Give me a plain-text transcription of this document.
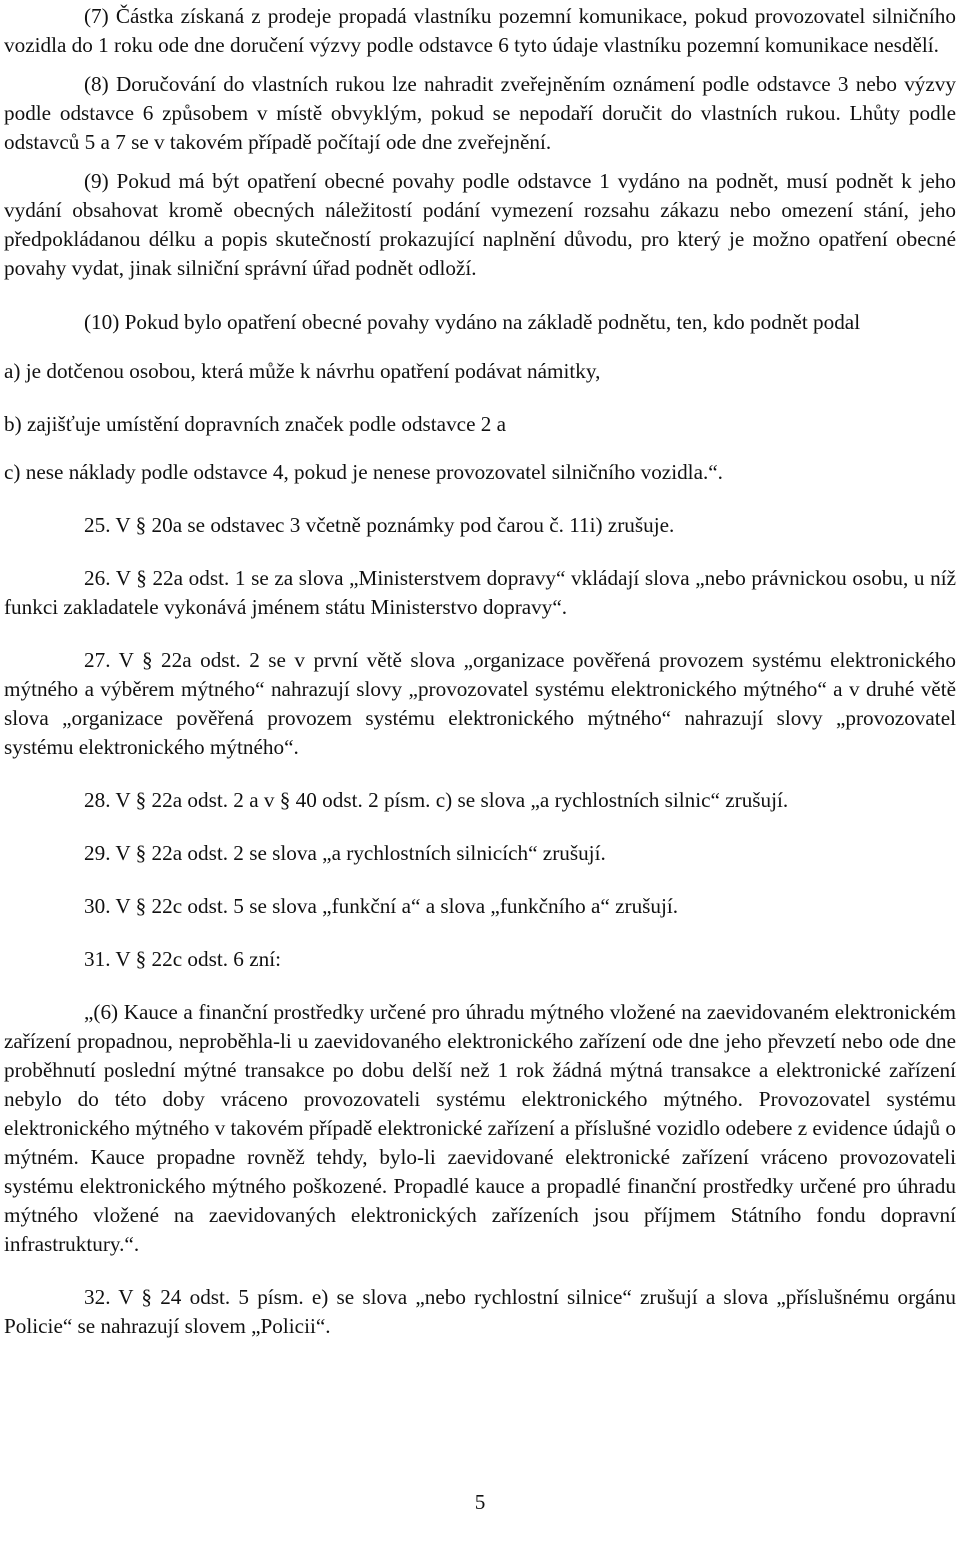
(7) Částka získaná z prodeje propadá vlastníku pozemní komunikace, pokud provozovatel silničního vozidla do 1 roku ode dne doručení výzvy podle odstavce 6 tyto údaje vlastníku pozemní komunikace nesdělí.

(8) Doručování do vlastních rukou lze nahradit zveřejněním oznámení podle odstavce 3 nebo výzvy podle odstavce 6 způsobem v místě obvyklým, pokud se nepodaří doručit do vlastních rukou. Lhůty podle odstavců 5 a 7 se v takovém případě počítají ode dne zveřejnění.

(9) Pokud má být opatření obecné povahy podle odstavce 1 vydáno na podnět, musí podnět k jeho vydání obsahovat kromě obecných náležitostí podání vymezení rozsahu zákazu nebo omezení stání, jeho předpokládanou délku a popis skutečností prokazující naplnění důvodu, pro který je možno opatření obecné povahy vydat, jinak silniční správní úřad podnět odloží.

(10) Pokud bylo opatření obecné povahy vydáno na základě podnětu, ten, kdo podnět podal

a) je dotčenou osobou, která může k návrhu opatření podávat námitky,

b) zajišťuje umístění dopravních značek podle odstavce 2 a

c) nese náklady podle odstavce 4, pokud je nenese provozovatel silničního vozidla.“.

25. V § 20a se odstavec 3 včetně poznámky pod čarou č. 11i) zrušuje.

26. V § 22a odst. 1 se za slova „Ministerstvem dopravy“ vkládají slova „nebo právnickou osobu, u níž funkci zakladatele vykonává jménem státu Ministerstvo dopravy“.

27. V § 22a odst. 2 se v první větě slova „organizace pověřená provozem systému elektronického mýtného a výběrem mýtného“ nahrazují slovy „provozovatel systému elektronického mýtného“ a v druhé větě slova „organizace pověřená provozem systému elektronického mýtného“ nahrazují slovy „provozovatel systému elektronického mýtného“.

28. V § 22a odst. 2 a v § 40 odst. 2 písm. c) se slova „a rychlostních silnic“ zrušují.

29. V § 22a odst. 2 se slova „a rychlostních silnicích“ zrušují.

30. V § 22c odst. 5 se slova „funkční a“ a slova „funkčního a“ zrušují.

31. V § 22c odst. 6 zní:

„(6) Kauce a finanční prostředky určené pro úhradu mýtného vložené na zaevidovaném elektronickém zařízení propadnou, neproběhla-li u zaevidovaného elektronického zařízení ode dne jeho převzetí nebo ode dne proběhnutí poslední mýtné transakce po dobu delší než 1 rok žádná mýtná transakce a elektronické zařízení nebylo do této doby vráceno provozovateli systému elektronického mýtného. Provozovatel systému elektronického mýtného v takovém případě elektronické zařízení a příslušné vozidlo odebere z evidence údajů o mýtném. Kauce propadne rovněž tehdy, bylo-li zaevidované elektronické zařízení vráceno provozovateli systému elektronického mýtného poškozené. Propadlé kauce a propadlé finanční prostředky určené pro úhradu mýtného vložené na zaevidovaných elektronických zařízeních jsou příjmem Státního fondu dopravní infrastruktury.“.

32. V § 24 odst. 5 písm. e) se slova „nebo rychlostní silnice“ zrušují a slova „příslušnému orgánu Policie“ se nahrazují slovem „Policii“.

5
